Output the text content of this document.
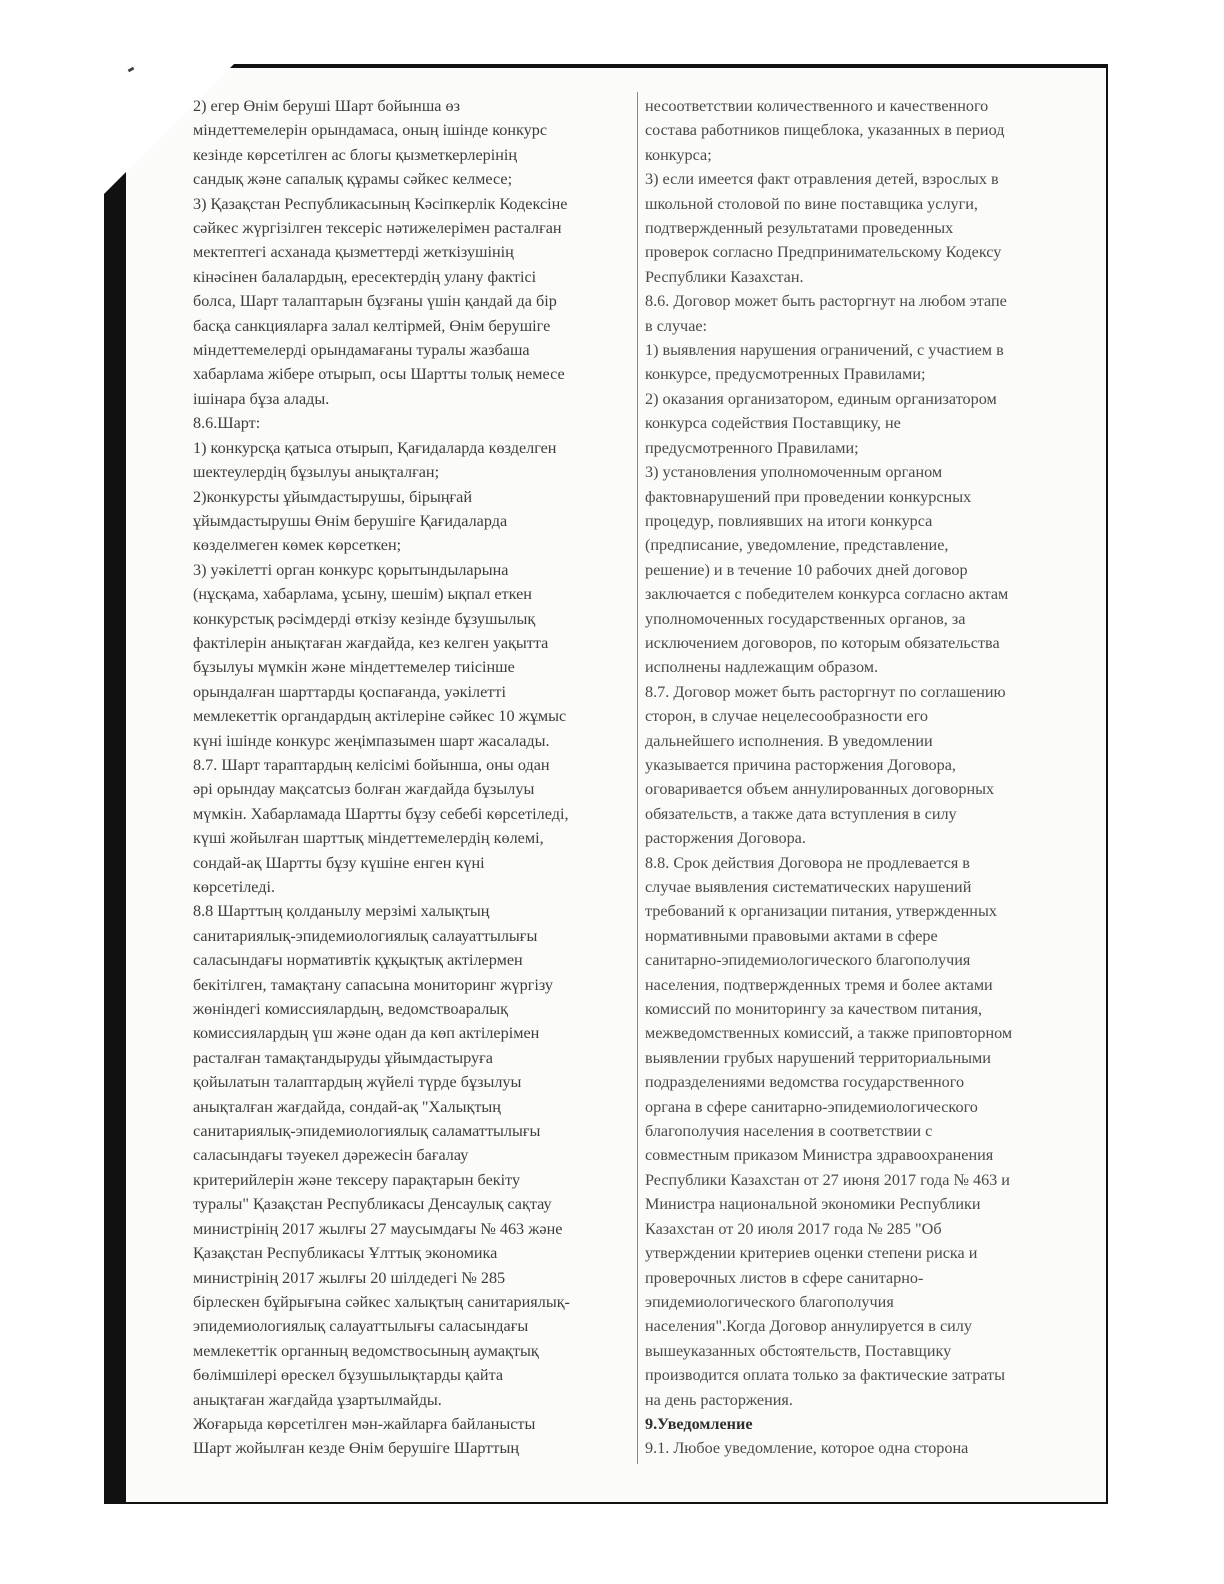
2) егер Өнім беруші Шарт бойынша өз
міндеттемелерін орындамаса, оның ішінде конкурс
кезінде көрсетілген ас блогы қызметкерлерінің
сандық және сапалық құрамы сәйкес келмесе;
3) Қазақстан Республикасының Кәсіпкерлік Кодексіне
сәйкес жүргізілген тексеріс нәтижелерімен расталған
мектептегі асханада қызметтерді жеткізушінің
кінәсінен балалардың, ересектердің улану фактісі
болса, Шарт талаптарын бұзғаны үшін қандай да бір
басқа санкцияларға залал келтірмей, Өнім берушіге
міндеттемелерді орындамағаны туралы жазбаша
хабарлама жібере отырып, осы Шартты толық немесе
ішінара бұза алады.
8.6.Шарт:
1) конкурсқа қатыса отырып, Қағидаларда көзделген
шектеулердің бұзылуы анықталған;
2)конкурсты ұйымдастырушы, бірыңғай
ұйымдастырушы Өнім берушіге Қағидаларда
көзделмеген көмек көрсеткен;
3) уәкілетті орган конкурс қорытындыларына
(нұсқама, хабарлама, ұсыну, шешім) ықпал еткен
конкурстық рәсімдерді өткізу кезінде бұзушылық
фактілерін анықтаған жағдайда, кез келген уақытта
бұзылуы мүмкін және міндеттемелер тиісінше
орындалған шарттарды қоспағанда, уәкілетті
мемлекеттік органдардың актілеріне сәйкес 10 жұмыс
күні ішінде конкурс жеңімпазымен шарт жасалады.
8.7. Шарт тараптардың келісімі бойынша, оны одан
әрі орындау мақсатсыз болған жағдайда бұзылуы
мүмкін. Хабарламада Шартты бұзу себебі көрсетіледі,
күші жойылған шарттық міндеттемелердің көлемі,
сондай-ақ Шартты бұзу күшіне енген күні
көрсетіледі.
8.8 Шарттың қолданылу мерзімі халықтың
санитариялық-эпидемиологиялық салауаттылығы
саласындағы нормативтік құқықтық актілермен
бекітілген, тамақтану сапасына мониторинг жүргізу
жөніндегі комиссиялардың, ведомствоаралық
комиссиялардың үш және одан да көп актілерімен
расталған тамақтандыруды ұйымдастыруға
қойылатын талаптардың жүйелі түрде бұзылуы
анықталған жағдайда, сондай-ақ "Халықтың
санитариялық-эпидемиологиялық саламаттылығы
саласындағы тәуекел дәрежесін бағалау
критерийлерін және тексеру парақтарын бекіту
туралы" Қазақстан Республикасы Денсаулық сақтау
министрінің 2017 жылғы 27 маусымдағы № 463 және
Қазақстан Республикасы Ұлттық экономика
министрінің 2017 жылғы 20 шілдедегі № 285
бірлескен бұйрығына сәйкес халықтың санитариялық-
эпидемиологиялық салауаттылығы саласындағы
мемлекеттік органның ведомствосының аумақтық
бөлімшілері өрескел бұзушылықтарды қайта
анықтаған жағдайда ұзартылмайды.
Жоғарыда көрсетілген мән-жайларға байланысты
Шарт жойылған кезде Өнім берушіге Шарттың
несоответствии количественного и качественного
состава работников пищеблока, указанных в период
конкурса;
3) если имеется факт отравления детей, взрослых в
школьной столовой по вине поставщика услуги,
подтвержденный результатами проведенных
проверок согласно Предпринимательскому Кодексу
Республики Казахстан.
8.6. Договор может быть расторгнут на любом этапе
в случае:
1) выявления нарушения ограничений, с участием в
конкурсе, предусмотренных Правилами;
2) оказания организатором, единым организатором
конкурса содействия Поставщику, не
предусмотренного Правилами;
3) установления уполномоченным органом
фактовнарушений при проведении конкурсных
процедур, повлиявших на итоги конкурса
(предписание, уведомление, представление,
решение) и в течение 10 рабочих дней договор
заключается с победителем конкурса согласно актам
уполномоченных государственных органов, за
исключением договоров, по которым обязательства
исполнены надлежащим образом.
8.7. Договор может быть расторгнут по соглашению
сторон, в случае нецелесообразности его
дальнейшего исполнения. В уведомлении
указывается причина расторжения Договора,
оговаривается объем аннулированных договорных
обязательств, а также дата вступления в силу
расторжения Договора.
8.8. Срок действия Договора не продлевается в
случае выявления систематических нарушений
требований к организации питания, утвержденных
нормативными правовыми актами в сфере
санитарно-эпидемиологического благополучия
населения, подтвержденных тремя и более актами
комиссий по мониторингу за качеством питания,
межведомственных комиссий, а также приповторном
выявлении грубых нарушений территориальными
подразделениями ведомства государственного
органа в сфере санитарно-эпидемиологического
благополучия населения в соответствии с
совместным приказом Министра здравоохранения
Республики Казахстан от 27 июня 2017 года № 463 и
Министра национальной экономики Республики
Казахстан от 20 июля 2017 года № 285 "Об
утверждении критериев оценки степени риска и
проверочных листов в сфере санитарно-
эпидемиологического благополучия
населения".Когда Договор аннулируется в силу
вышеуказанных обстоятельств, Поставщику
производится оплата только за фактические затраты
на день расторжения.
9.Уведомление
9.1. Любое уведомление, которое одна сторона
